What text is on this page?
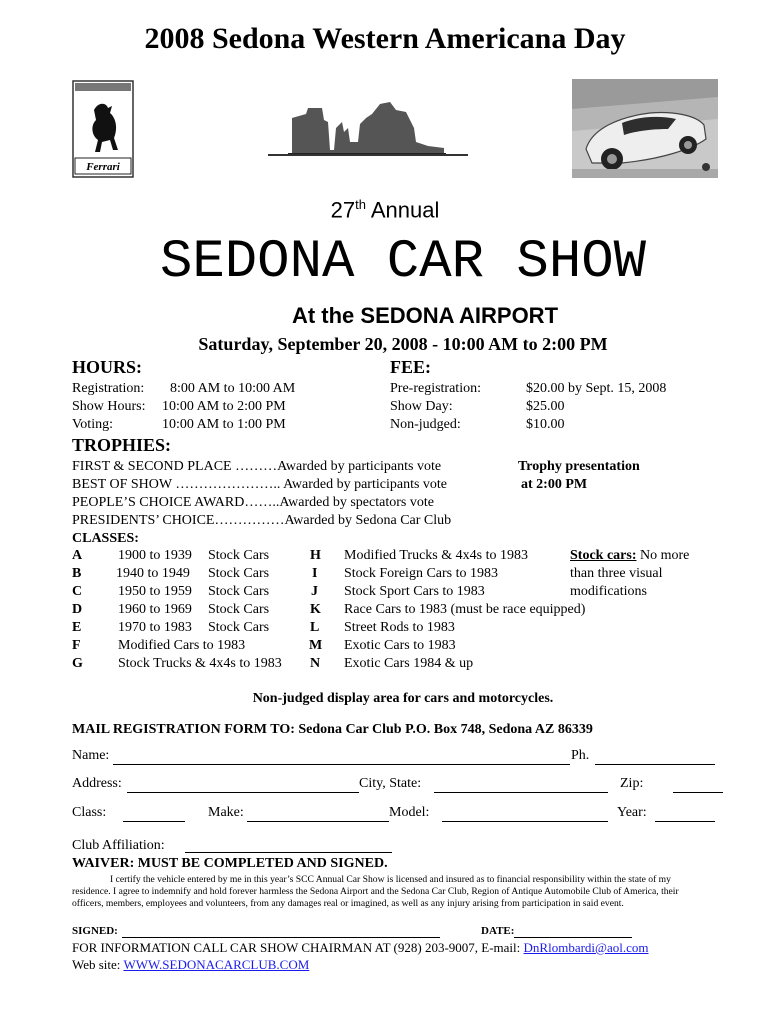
2008 Sedona Western Americana Day
Ferrari
27th Annual
SEDONA CAR SHOW
At the SEDONA AIRPORT
Saturday, September 20, 2008 - 10:00 AM to 2:00 PM
HOURS:
Registration: 8:00 AM to 10:00 AM
Show Hours: 10:00 AM to 2:00 PM
Voting:	10:00 AM to 1:00 PM
FEE:
Pre-registration:	$20.00 by Sept. 15, 2008
Show Day:	$25.00
Non-judged:	$10.00
TROPHIES:
FIRST & SECOND PLACE ………Awarded by participants vote
BEST OF SHOW ………………….. Awarded by participants vote
PEOPLE’S CHOICE AWARD……..Awarded by spectators vote
PRESIDENTS’ CHOICE……………Awarded by Sedona Car Club
Trophy presentation
at 2:00 PM
CLASSES:
A	1900 to 1939 Stock Cars
B 1940 to 1949 Stock Cars
C	1950 to 1959 Stock Cars
D	1960 to 1969 Stock Cars
E	1970 to 1983 Stock Cars
F	Modified Cars to 1983
G	Stock Trucks & 4x4s to 1983
H Modified Trucks & 4x4s to 1983
I Stock Foreign Cars to 1983
J Stock Sport Cars to 1983
K Race Cars to 1983 (must be race equipped)
L Street Rods to 1983
M Exotic Cars to 1983
N Exotic Cars 1984 & up
Stock cars: No more
than three visual
modifications
Non-judged display area for cars and motorcycles.
MAIL REGISTRATION FORM TO: Sedona Car Club P.O. Box 748, Sedona AZ 86339
Name:	Ph.
Address:	City, State:	Zip:
Class:	Make:	Model:	Year:
Club Affiliation:
WAIVER: MUST BE COMPLETED AND SIGNED.
I certify the vehicle entered by me in this year’s SCC Annual Car Show is licensed and insured as to financial responsibility within the state of my
residence. I agree to indemnify and hold forever harmless the Sedona Airport and the Sedona Car Club, Region of Antique Automobile Club of America, their
officers, members, employees and volunteers, from any damages real or imagined, as well as any injury arising from participation in said event.
SIGNED:	DATE:
FOR INFORMATION CALL CAR SHOW CHAIRMAN AT (928) 203-9007, E-mail: DnRlombardi@aol.com
Web site: WWW.SEDONACARCLUB.COM
